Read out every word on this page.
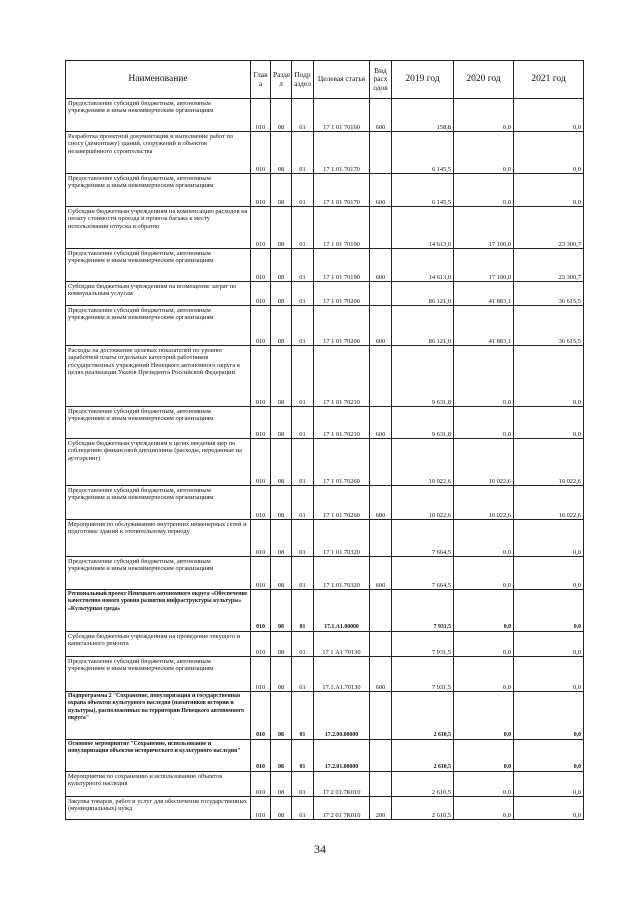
Наименование	Глав а	Разде л	Подр аздел	Целевая статья	Вид расх одов	2019 год	2020 год	2021 год
Предоставление субсидий бюджетным, автономным учреждениям и иным некоммерческим организациям	010	08	01	17 1 01 70160	600	158,8	0,0	0,0
Разработка проектной документации и выполнение работ по сносу (демонтажу) зданий, сооружений и объектов незавершённого строительства	010	08	01	17 1.01.70170		6 145,5	0,0	0,0
Предоставление субсидий бюджетным, автономным учреждениям и иным некоммерческим организациям	010	08	01	17 1 01 70170	600	6 145,5	0,0	0,0
Субсидии бюджетным учреждениям на компенсацию расходов на оплату стоимости проезда и провоза багажа к месту использования отпуска и обратно	010	08	01	17 1 01 70190		14 613,0	17 100,0	23 300,7
Предоставление субсидий бюджетным, автономным учреждениям и иным некоммерческим организациям	010	08	01	17 1 01 70190	600	14 613,0	17 100,0	23 300,7
Субсидии бюджетным учреждениям на возмещение затрат по коммунальным услугам	010	08	01	17 1 01 70200		86 121,0	41 883,1	36 615,5
Предоставление субсидий бюджетным, автономным учреждениям и иным некоммерческим организациям	010	08	01	17 1 01 70200	600	86 121,0	41 883,1	36 615,5
Расходы на достижение целевых показателей по уровню заработной платы отдельных категорий работников государственных учреждений Ненецкого автономного округа в целях реализации Указов Президента Российской Федерации	010	08	01	17 1 01 70210		9 631,8	0,0	0,0
Предоставление субсидий бюджетным, автономным учреждениям и иным некоммерческим организациям	010	08	01	17 1 01.70210	600	9 631,8	0,0	0,0
Субсидии бюджетным учреждениям в целях введения мер по соблюдению финансовой дисциплины (расходы, переданные на аутсорсинг)	010	08	01	17 1 01.70260		10 022,6	10 022,6	10 022,6
Предоставление субсидий бюджетным, автономным учреждениям и иным некоммерческим организациям	010	08	01	17 1 01 70260	600	10 022,6	10 022,6	10 022,6
Мероприятия по обслуживанию внутренних инженерных сетей и подготовке зданий к отопительному периоду	010	08	01	17 1 01 70320		7 664,5	0,0	0,0
Предоставление субсидий бюджетным, автономным учреждениям и иным некоммерческим организациям	010	08	01	17 1.01.70320	600	7 664,5	0,0	0,0
Региональный проект Ненецкого автономного округа «Обеспечение качественно нового уровня развития инфраструктуры культуры» «Культурная среда»	010	08	01	17.1.А1.00000		7 931,5	0,0	0,0
Субсидии бюджетным учреждениям на проведение текущего и капитального ремонта	010	08	01	17 1 А1 70130		7 931,5	0,0	0,0
Предоставление субсидий бюджетным, автономным учреждениям и иным некоммерческим организациям	010	08	01	17.1.А1.70130	600	7 931,5	0,0	0,0
Подпрограмма 2 "Сохранение, популяризация и государственная охрана объектов культурного наследия (памятников истории и культуры), расположенных на территории Ненецкого автономного округа"	010	08	01	17.2.00.00000		2 610,5	0,0	0,0
Основное мероприятие "Сохранение, использование и популяризация объектов исторического и культурного наследия"	010	08	01	17.2.01.00000		2 610,5	0,0	0,0
Мероприятия по сохранению и использованию объектов культурного наследия	010	08	01	17 2 01.7К010		2 610,5	0,0	0,0
Закупка товаров, работ и услуг для обеспечения государственных (муниципальных) нужд	010	08	01	17 2 01 7К010	200	2 610,5	0,0	0,0
34
